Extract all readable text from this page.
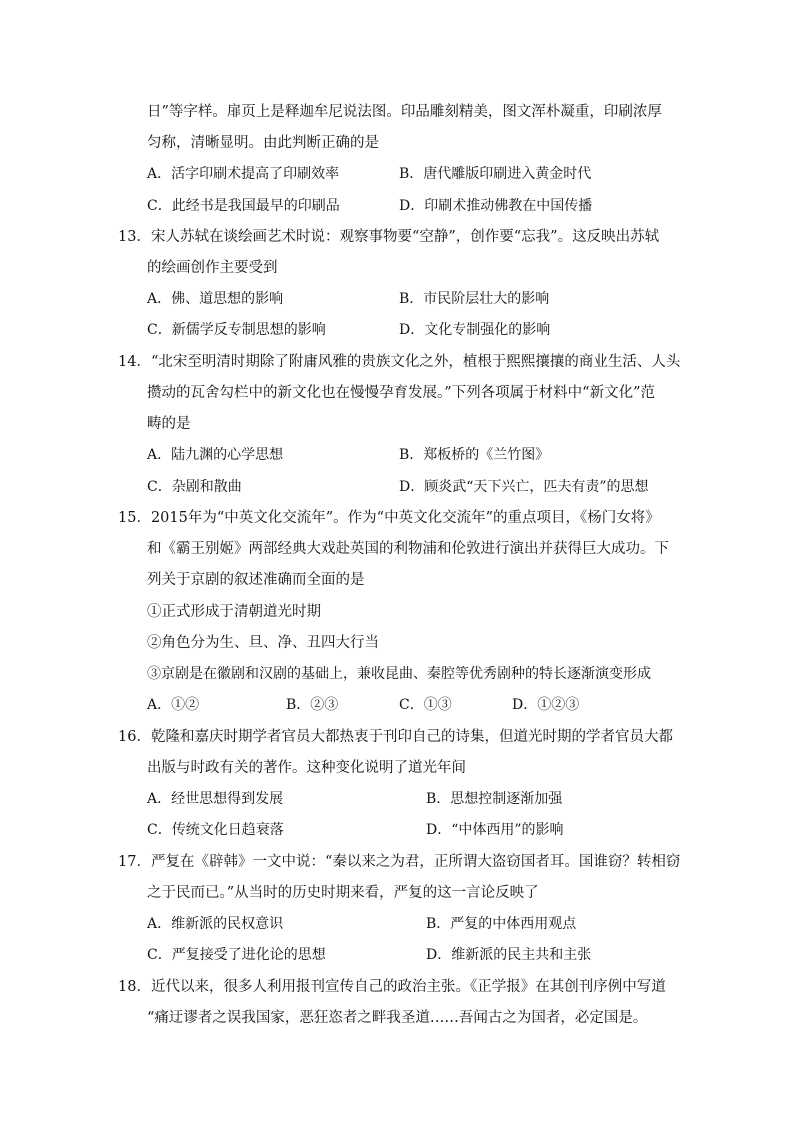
日”等字样。扉页上是释迦牟尼说法图。印品雕刻精美，图文浑朴凝重，印刷浓厚
匀称，清晰显明。由此判断正确的是
A．活字印刷术提高了印刷效率	B．唐代雕版印刷进入黄金时代
C．此经书是我国最早的印刷品	D．印刷术推动佛教在中国传播
13．宋人苏轼在谈绘画艺术时说：观察事物要“空静”，创作要“忘我”。这反映出苏轼
的绘画创作主要受到
A．佛、道思想的影响	B．市民阶层壮大的影响
C．新儒学反专制思想的影响	D．文化专制强化的影响
14．“北宋至明清时期除了附庸风雅的贵族文化之外，植根于熙熙攘攘的商业生活、人头
攒动的瓦舍勾栏中的新文化也在慢慢孕育发展。”下列各项属于材料中“新文化”范
畴的是
A．陆九渊的心学思想	B．郑板桥的《兰竹图》
C．杂剧和散曲	D．顾炎武“天下兴亡，匹夫有责”的思想
15．2015年为“中英文化交流年”。作为“中英文化交流年”的重点项目，《杨门女将》
和《霸王别姬》两部经典大戏赴英国的利物浦和伦敦进行演出并获得巨大成功。下
列关于京剧的叙述准确而全面的是
①正式形成于清朝道光时期
②角色分为生、旦、净、丑四大行当
③京剧是在徽剧和汉剧的基础上，兼收昆曲、秦腔等优秀剧种的特长逐渐演变形成
A．①②	B．②③	C．①③	D．①②③
16．乾隆和嘉庆时期学者官员大都热衷于刊印自己的诗集，但道光时期的学者官员大都
出版与时政有关的著作。这种变化说明了道光年间
A．经世思想得到发展	B．思想控制逐渐加强
C．传统文化日趋衰落	D．“中体西用”的影响
17．严复在《辟韩》一文中说：“秦以来之为君，正所谓大盗窃国者耳。国谁窃？转相窃
之于民而已。”从当时的历史时期来看，严复的这一言论反映了
A．维新派的民权意识	B．严复的中体西用观点
C．严复接受了进化论的思想	D．维新派的民主共和主张
18．近代以来，很多人利用报刊宣传自己的政治主张。《正学报》在其创刊序例中写道
“痛迂谬者之误我国家，恶狂恣者之畔我圣道……吾闻古之为国者，必定国是。
